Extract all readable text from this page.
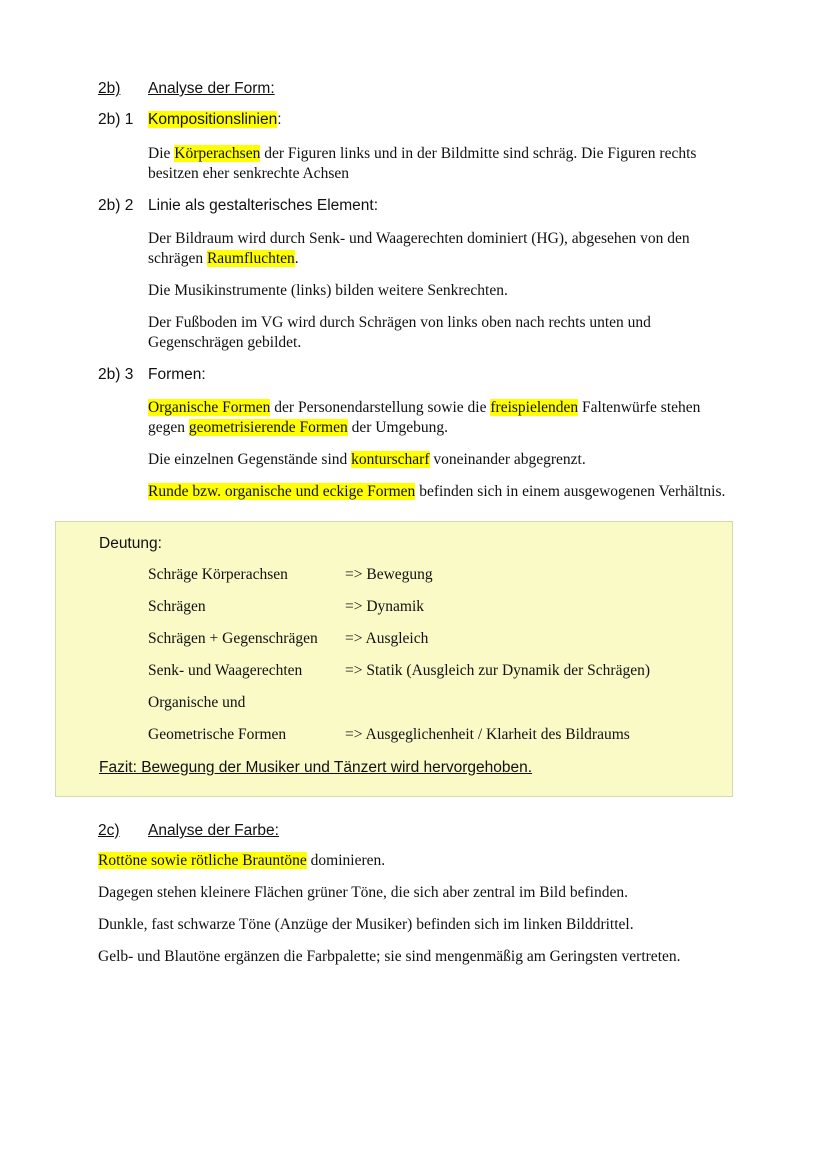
2b) Analyse der Form:
2b) 1 Kompositionslinien:
Die Körperachsen der Figuren links und in der Bildmitte sind schräg. Die Figuren rechts besitzen eher senkrechte Achsen
2b) 2 Linie als gestalterisches Element:
Der Bildraum wird durch Senk- und Waagerechten dominiert (HG), abgesehen von den schrägen Raumfluchten.
Die Musikinstrumente (links) bilden weitere Senkrechten.
Der Fußboden im VG wird durch Schrägen von links oben nach rechts unten und Gegenschrägen gebildet.
2b) 3 Formen:
Organische Formen der Personendarstellung sowie die freispielenden Faltenwürfe stehen gegen geometrisierende Formen der Umgebung.
Die einzelnen Gegenstände sind konturscharf voneinander abgegrenzt.
Runde bzw. organische und eckige Formen befinden sich in einem ausgewogenen Verhältnis.
Deutung:
Schräge Körperachsen	=> Bewegung
Schrägen	=> Dynamik
Schrägen + Gegenschrägen => Ausgleich
Senk- und Waagerechten	=> Statik (Ausgleich zur Dynamik der Schrägen)
Organische und
Geometrische Formen	=> Ausgeglichenheit / Klarheit des Bildraums
Fazit: Bewegung der Musiker und Tänzert wird hervorgehoben.
2c) Analyse der Farbe:
Rottöne sowie rötliche Brauntöne dominieren.
Dagegen stehen kleinere Flächen grüner Töne, die sich aber zentral im Bild befinden.
Dunkle, fast schwarze Töne (Anzüge der Musiker) befinden sich im linken Bilddrittel.
Gelb- und Blautöne ergänzen die Farbpalette; sie sind mengenmäßig am Geringsten vertreten.
